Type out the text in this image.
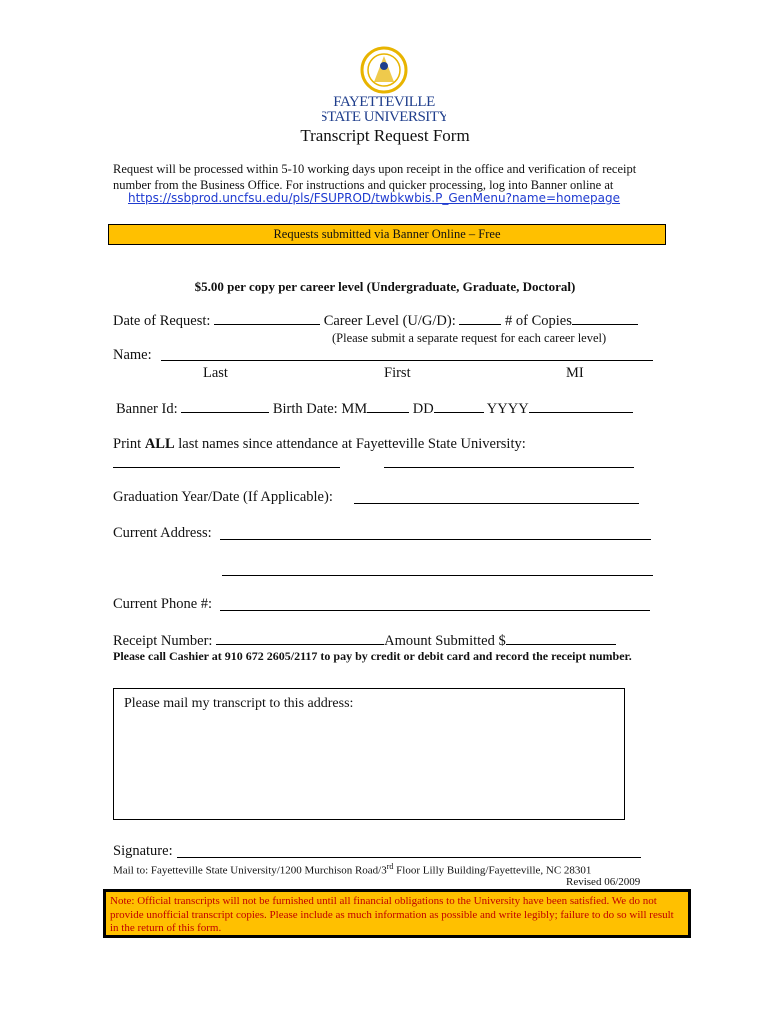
FAYETTEVILLE
STATE UNIVERSITY
Transcript Request Form
Request will be processed within 5-10 working days upon receipt in the office and verification of receipt number from the Business Office. For instructions and quicker processing, log into Banner online at
https://ssbprod.uncfsu.edu/pls/FSUPROD/twbkwbis.P_GenMenu?name=homepage
Requests submitted via Banner Online – Free
$5.00 per copy per career level (Undergraduate, Graduate, Doctoral)
Date of Request:	Career Level (U/G/D):	# of Copies
(Please submit a separate request for each career level)
Name:
Last	First	MI
Banner Id:	Birth Date: MM	DD	YYYY
Print ALL last names since attendance at Fayetteville State University:
Graduation Year/Date (If Applicable):
Current Address:
Current Phone #:
Receipt Number:	Amount Submitted $
Please call Cashier at 910 672 2605/2117 to pay by credit or debit card and record the receipt number.
Please mail my transcript to this address:
Signature:
Mail to: Fayetteville State University/1200 Murchison Road/3rd Floor Lilly Building/Fayetteville, NC 28301
Revised 06/2009
Note: Official transcripts will not be furnished until all financial obligations to the University have been satisfied. We do not provide unofficial transcript copies. Please include as much information as possible and write legibly; failure to do so will result in the return of this form.
